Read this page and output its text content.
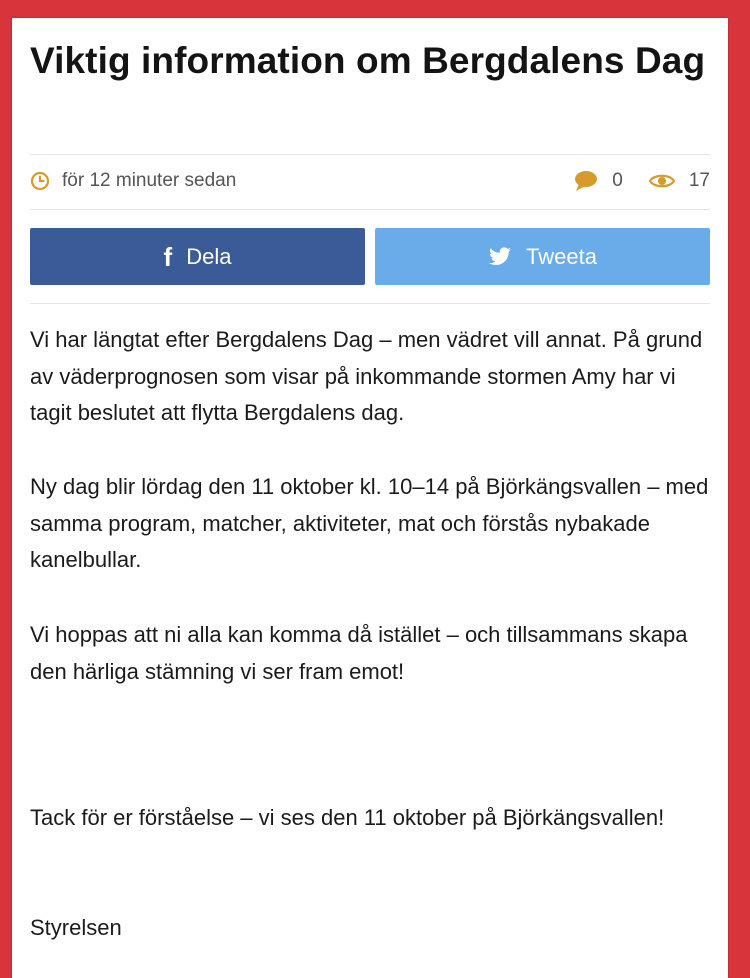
Viktig information om Bergdalens Dag
för 12 minuter sedan	0	17
f Dela	Tweeta

Vi har längtat efter Bergdalens Dag – men vädret vill annat. På grund av väderprognosen som visar på inkommande stormen Amy har vi tagit beslutet att flytta Bergdalens dag.

Ny dag blir lördag den 11 oktober kl. 10–14 på Björkängsvallen – med samma program, matcher, aktiviteter, mat och förstås nybakade kanelbullar.

Vi hoppas att ni alla kan komma då istället – och tillsammans skapa den härliga stämning vi ser fram emot!

Tack för er förståelse – vi ses den 11 oktober på Björkängsvallen!

Styrelsen
